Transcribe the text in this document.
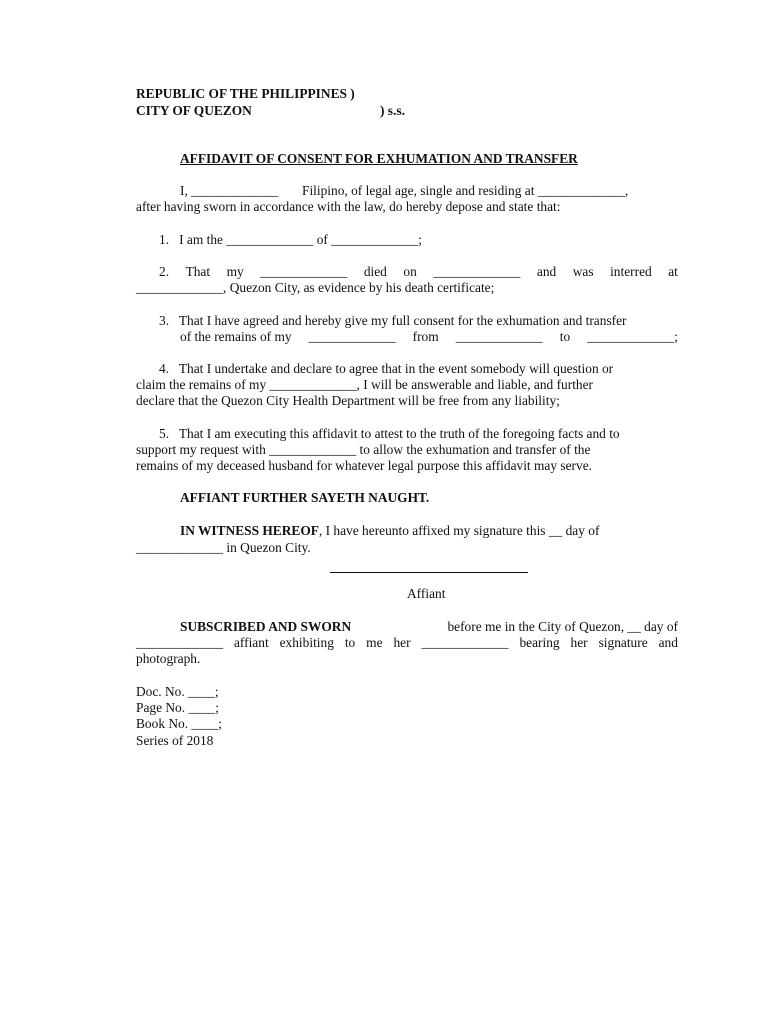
REPUBLIC OF THE PHILIPPINES )
CITY OF QUEZON	) s.s.
AFFIDAVIT OF CONSENT FOR EXHUMATION AND TRANSFER
I, _____________ Filipino, of legal age, single and residing at _____________,
after having sworn in accordance with the law, do hereby depose and state that:
1.   I am the _____________ of _____________;
2. That my _____________ died on _____________ and was interred at
_____________, Quezon City, as evidence by his death certificate;
3.   That I have agreed and hereby give my full consent for the exhumation and transfer
of the remains of my _____________ from _____________ to _____________;
4.   That I undertake and declare to agree that in the event somebody will question or
claim the remains of my _____________, I will be answerable and liable, and further
declare that the Quezon City Health Department will be free from any liability;
5.   That I am executing this affidavit to attest to the truth of the foregoing facts and to
support my request with _____________ to allow the exhumation and transfer of the
remains of my deceased husband for whatever legal purpose this affidavit may serve.
AFFIANT FURTHER SAYETH NAUGHT.
IN WITNESS HEREOF, I have hereunto affixed my signature this __ day of
_____________ in Quezon City.
Affiant
SUBSCRIBED AND SWORN	before me in the City of Quezon, __ day of
_____________ affiant exhibiting to me her _____________ bearing her signature and
photograph.
Doc. No. ____;
Page No. ____;
Book No. ____;
Series of 2018
